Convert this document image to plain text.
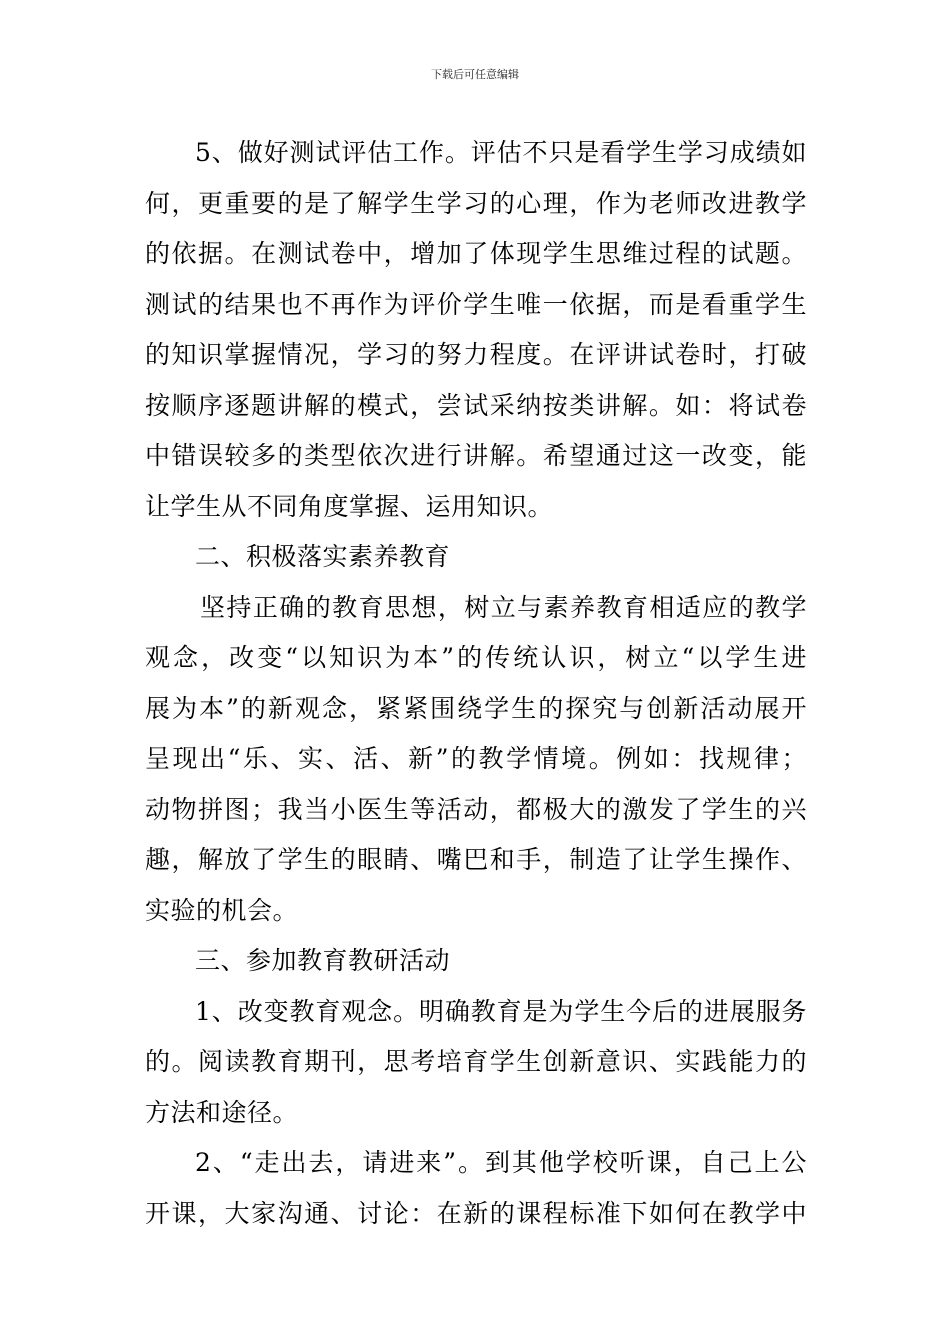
下载后可任意编辑
5、做好测试评估工作。评估不只是看学生学习成绩如
何，更重要的是了解学生学习的心理，作为老师改进教学
的依据。在测试卷中，增加了体现学生思维过程的试题。
测试的结果也不再作为评价学生唯一依据，而是看重学生
的知识掌握情况，学习的努力程度。在评讲试卷时，打破
按顺序逐题讲解的模式，尝试采纳按类讲解。如：将试卷
中错误较多的类型依次进行讲解。希望通过这一改变，能
让学生从不同角度掌握、运用知识。
二、积极落实素养教育
坚持正确的教育思想，树立与素养教育相适应的教学
观念，改变“以知识为本”的传统认识，树立“以学生进
展为本”的新观念，紧紧围绕学生的探究与创新活动展开
呈现出“乐、实、活、新”的教学情境。例如：找规律；
动物拼图；我当小医生等活动，都极大的激发了学生的兴
趣，解放了学生的眼睛、嘴巴和手，制造了让学生操作、
实验的机会。
三、参加教育教研活动
1、改变教育观念。明确教育是为学生今后的进展服务
的。阅读教育期刊，思考培育学生创新意识、实践能力的
方法和途径。
2、“走出去，请进来”。到其他学校听课，自己上公
开课，大家沟通、讨论：在新的课程标准下如何在教学中
